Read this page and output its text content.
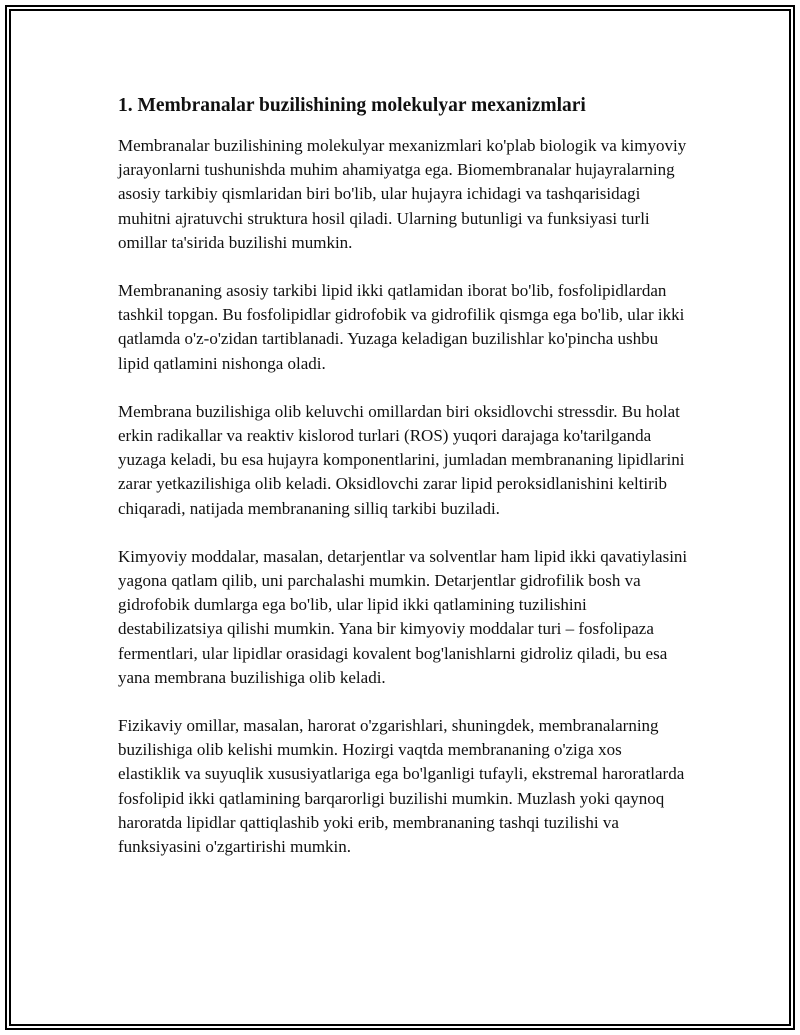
1. Membranalar buzilishining molekulyar mexanizmlari

Membranalar buzilishining molekulyar mexanizmlari ko'plab biologik va kimyoviy jarayonlarni tushunishda muhim ahamiyatga ega. Biomembranalar hujayralarning asosiy tarkibiy qismlaridan biri bo'lib, ular hujayra ichidagi va tashqarisidagi muhitni ajratuvchi struktura hosil qiladi. Ularning butunligi va funksiyasi turli omillar ta'sirida buzilishi mumkin.

Membrananing asosiy tarkibi lipid ikki qatlamidan iborat bo'lib, fosfolipidlardan tashkil topgan. Bu fosfolipidlar gidrofobik va gidrofilik qismga ega bo'lib, ular ikki qatlamda o'z-o'zidan tartiblanadi. Yuzaga keladigan buzilishlar ko'pincha ushbu lipid qatlamini nishonga oladi.

Membrana buzilishiga olib keluvchi omillardan biri oksidlovchi stressdir. Bu holat erkin radikallar va reaktiv kislorod turlari (ROS) yuqori darajaga ko'tarilganda yuzaga keladi, bu esa hujayra komponentlarini, jumladan membrananing lipidlarini zarar yetkazilishiga olib keladi. Oksidlovchi zarar lipid peroksidlanishini keltirib chiqaradi, natijada membrananing silliq tarkibi buziladi.

Kimyoviy moddalar, masalan, detarjentlar va solventlar ham lipid ikki qavatiylasini yagona qatlam qilib, uni parchalashi mumkin. Detarjentlar gidrofilik bosh va gidrofobik dumlarga ega bo'lib, ular lipid ikki qatlamining tuzilishini destabilizatsiya qilishi mumkin. Yana bir kimyoviy moddalar turi – fosfolipaza fermentlari, ular lipidlar orasidagi kovalent bog'lanishlarni gidroliz qiladi, bu esa yana membrana buzilishiga olib keladi.

Fizikaviy omillar, masalan, harorat o'zgarishlari, shuningdek, membranalarning buzilishiga olib kelishi mumkin. Hozirgi vaqtda membrananing o'ziga xos elastiklik va suyuqlik xususiyatlariga ega bo'lganligi tufayli, ekstremal haroratlarda fosfolipid ikki qatlamining barqarorligi buzilishi mumkin. Muzlash yoki qaynoq haroratda lipidlar qattiqlashib yoki erib, membrananing tashqi tuzilishi va funksiyasini o'zgartirishi mumkin.
